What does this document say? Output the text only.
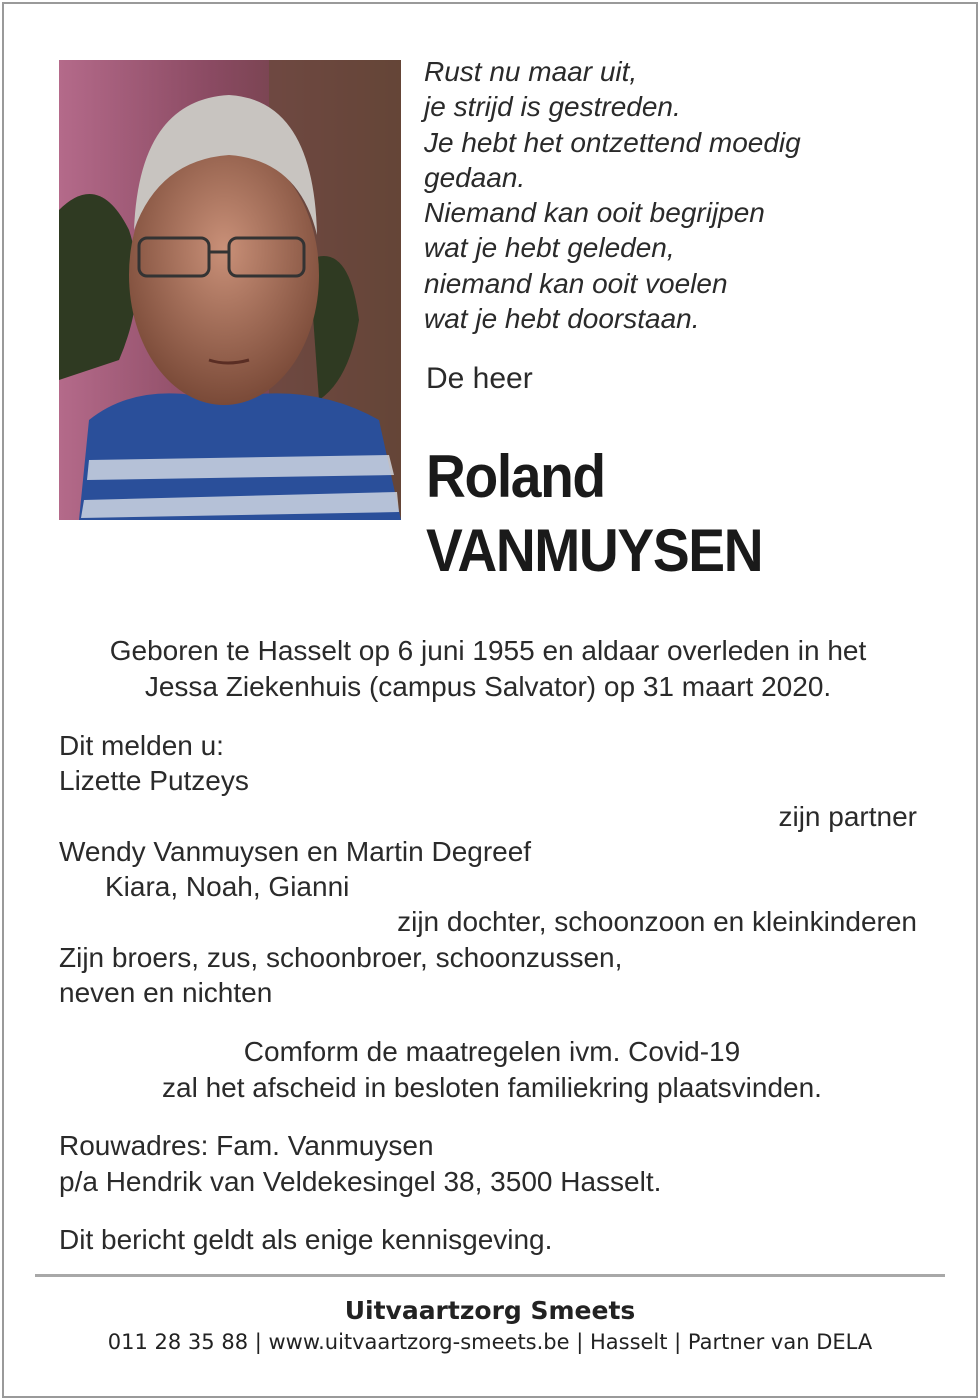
Rust nu maar uit,
je strijd is gestreden.
Je hebt het ontzettend moedig
gedaan.
Niemand kan ooit begrijpen
wat je hebt geleden,
niemand kan ooit voelen
wat je hebt doorstaan.
De heer
Roland
VANMUYSEN
Geboren te Hasselt op 6 juni 1955 en aldaar overleden in het
Jessa Ziekenhuis (campus Salvator) op 31 maart 2020.
Dit melden u:
Lizette Putzeys
zijn partner
Wendy Vanmuysen en Martin Degreef
Kiara, Noah, Gianni
zijn dochter, schoonzoon en kleinkinderen
Zijn broers, zus, schoonbroer, schoonzussen,
neven en nichten
Comform de maatregelen ivm. Covid-19
zal het afscheid in besloten familiekring plaatsvinden.
Rouwadres: Fam. Vanmuysen
p/a Hendrik van Veldekesingel 38, 3500 Hasselt.
Dit bericht geldt als enige kennisgeving.
Uitvaartzorg Smeets
011 28 35 88 | www.uitvaartzorg-smeets.be | Hasselt | Partner van DELA
